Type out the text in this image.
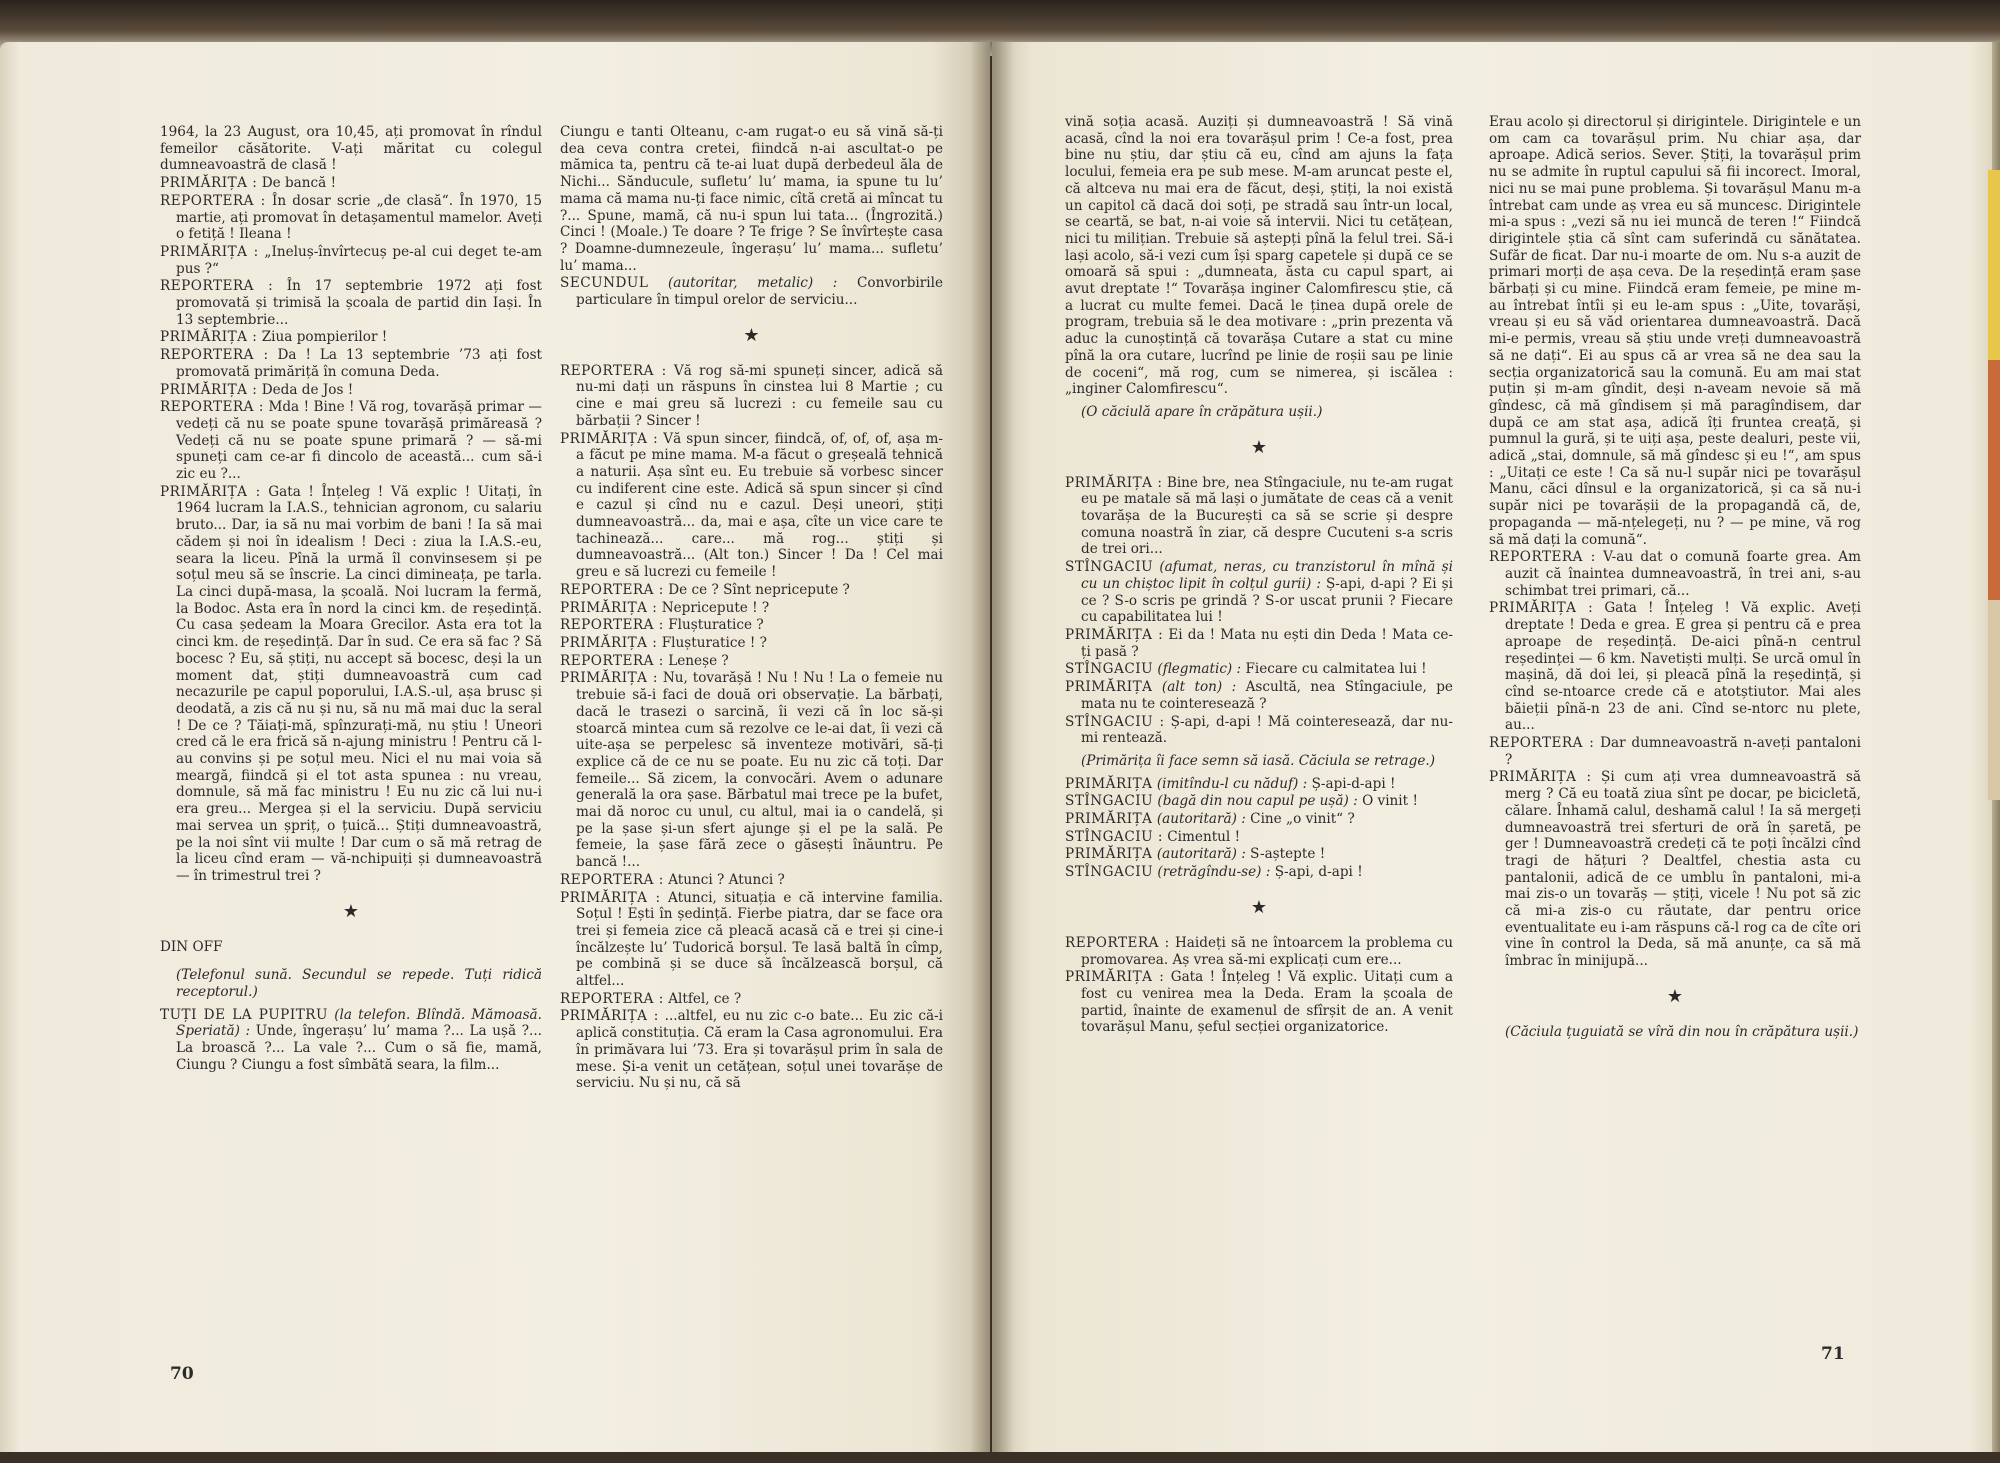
1964, la 23 August, ora 10,45, ați promovat în rîndul femeilor căsătorite. V-ați măritat cu colegul dumneavoastră de clasă !

PRIMĂRIȚA : De bancă !

REPORTERA : În dosar scrie „de clasă“. În 1970, 15 martie, ați promovat în detașamentul mamelor. Aveți o fetiță ! Ileana !

PRIMĂRIȚA : „Ineluș-învîrtecuș pe-al cui deget te-am pus ?“

REPORTERA : În 17 septembrie 1972 ați fost promovată și trimisă la școala de partid din Iași. În 13 septembrie...

PRIMĂRIȚA : Ziua pompierilor !

REPORTERA : Da ! La 13 septembrie ’73 ați fost promovată primăriță în comuna Deda.

PRIMĂRIȚA : Deda de Jos !

REPORTERA : Mda ! Bine ! Vă rog, tovarășă primar — vedeți că nu se poate spune tovarășă primăreasă ? Vedeți că nu se poate spune primară ? — să-mi spuneți cam ce-ar fi dincolo de această... cum să-i zic eu ?...

PRIMĂRIȚA : Gata ! Înțeleg ! Vă explic ! Uitați, în 1964 lucram la I.A.S., tehnician agronom, cu salariu bruto... Dar, ia să nu mai vorbim de bani ! Ia să mai cădem și noi în idealism ! Deci : ziua la I.A.S.-eu, seara la liceu. Pînă la urmă îl convinsesem și pe soțul meu să se înscrie. La cinci dimineața, pe tarla. La cinci după-masa, la școală. Noi lucram la fermă, la Bodoc. Asta era în nord la cinci km. de reședință. Cu casa ședeam la Moara Grecilor. Asta era tot la cinci km. de reședință. Dar în sud. Ce era să fac ? Să bocesc ? Eu, să știți, nu accept să bocesc, deși la un moment dat, știți dumneavoastră cum cad necazurile pe capul poporului, I.A.S.-ul, așa brusc și deodată, a zis că nu și nu, să nu mă mai duc la seral ! De ce ? Tăiați-mă, spînzurați-mă, nu știu ! Uneori cred că le era frică să n-ajung ministru ! Pentru că l-au convins și pe soțul meu. Nici el nu mai voia să meargă, fiindcă și el tot asta spunea : nu vreau, domnule, să mă fac ministru ! Eu nu zic că lui nu-i era greu... Mergea și el la serviciu. După serviciu mai servea un șpriț, o țuică... Știți dumneavoastră, pe la noi sînt vii multe ! Dar cum o să mă retrag de la liceu cînd eram — vă-nchipuiți și dumneavoastră — în trimestrul trei ?

★

DIN OFF

(Telefonul sună. Secundul se repede. Tuți ridică receptorul.)

TUȚI DE LA PUPITRU (la telefon. Blîndă. Mămoasă. Speriată) : Unde, îngerașu’ lu’ mama ?... La ușă ?... La broască ?... La vale ?... Cum o să fie, mamă, Ciungu ? Ciungu a fost sîmbătă seara, la film...

Ciungu e tanti Olteanu, c-am rugat-o eu să vină să-ți dea ceva contra cretei, fiindcă n-ai ascultat-o pe mămica ta, pentru că te-ai luat după derbedeul ăla de Nichi... Sănducule, sufletu’ lu’ mama, ia spune tu lu’ mama că mama nu-ți face nimic, cîtă cretă ai mîncat tu ?... Spune, mamă, că nu-i spun lui tata... (Îngrozită.) Cinci ! (Moale.) Te doare ? Te frige ? Se învîrtește casa ? Doamne-dumnezeule, îngerașu’ lu’ mama... sufletu’ lu’ mama...

SECUNDUL (autoritar, metalic) : Convorbirile particulare în timpul orelor de serviciu...

★

REPORTERA : Vă rog să-mi spuneți sincer, adică să nu-mi dați un răspuns în cinstea lui 8 Martie ; cu cine e mai greu să lucrezi : cu femeile sau cu bărbații ? Sincer !

PRIMĂRIȚA : Vă spun sincer, fiindcă, of, of, of, așa m-a făcut pe mine mama. M-a făcut o greșeală tehnică a naturii. Așa sînt eu. Eu trebuie să vorbesc sincer cu indiferent cine este. Adică să spun sincer și cînd e cazul și cînd nu e cazul. Deși uneori, știți dumneavoastră... da, mai e așa, cîte un vice care te tachinează... care... mă rog... știți și dumneavoastră... (Alt ton.) Sincer ! Da ! Cel mai greu e să lucrezi cu femeile !

REPORTERA : De ce ? Sînt nepricepute ?

PRIMĂRIȚA : Nepricepute ! ?

REPORTERA : Flușturatice ?

PRIMĂRIȚA : Flușturatice ! ?

REPORTERA : Leneșe ?

PRIMĂRIȚA : Nu, tovarășă ! Nu ! Nu ! La o femeie nu trebuie să-i faci de două ori observație. La bărbați, dacă le trasezi o sarcină, îi vezi că în loc să-și stoarcă mintea cum să rezolve ce le-ai dat, îi vezi că uite-așa se perpelesc să inventeze motivări, să-ți explice că de ce nu se poate. Eu nu zic că toți. Dar femeile... Să zicem, la convocări. Avem o adunare generală la ora șase. Bărbatul mai trece pe la bufet, mai dă noroc cu unul, cu altul, mai ia o candelă, și pe la șase și-un sfert ajunge și el pe la sală. Pe femeie, la șase fără zece o găsești înăuntru. Pe bancă !...

REPORTERA : Atunci ? Atunci ?

PRIMĂRIȚA : Atunci, situația e că intervine familia. Soțul ! Ești în ședință. Fierbe piatra, dar se face ora trei și femeia zice că pleacă acasă că e trei și cine-i încălzește lu’ Tudorică borșul. Te lasă baltă în cîmp, pe combină și se duce să încălzească borșul, că altfel...

REPORTERA : Altfel, ce ?

PRIMĂRIȚA : ...altfel, eu nu zic c-o bate... Eu zic că-i aplică constituția. Că eram la Casa agronomului. Era în primăvara lui ’73. Era și tovarășul prim în sala de mese. Și-a venit un cetățean, soțul unei tovarășe de serviciu. Nu și nu, că să

70

vină soția acasă. Auziți și dumneavoastră ! Să vină acasă, cînd la noi era tovarășul prim ! Ce-a fost, prea bine nu știu, dar știu că eu, cînd am ajuns la fața locului, femeia era pe sub mese. M-am aruncat peste el, că altceva nu mai era de făcut, deși, știți, la noi există un capitol că dacă doi soți, pe stradă sau într-un local, se ceartă, se bat, n-ai voie să intervii. Nici tu cetățean, nici tu milițian. Trebuie să aștepți pînă la felul trei. Să-i lași acolo, să-i vezi cum își sparg capetele și după ce se omoară să spui : „dumneata, ăsta cu capul spart, ai avut dreptate !“ Tovarășa inginer Calomfirescu știe, că a lucrat cu multe femei. Dacă le ținea după orele de program, trebuia să le dea motivare : „prin prezenta vă aduc la cunoștință că tovarășa Cutare a stat cu mine pînă la ora cutare, lucrînd pe linie de roșii sau pe linie de coceni“, mă rog, cum se nimerea, și iscălea : „inginer Calomfirescu“.

(O căciulă apare în crăpătura ușii.)

★

PRIMĂRIȚA : Bine bre, nea Stîngaciule, nu te-am rugat eu pe matale să mă lași o jumătate de ceas că a venit tovarășa de la București ca să se scrie și despre comuna noastră în ziar, că despre Cucuteni s-a scris de trei ori...

STÎNGACIU (afumat, neras, cu tranzistorul în mînă și cu un chiștoc lipit în colțul gurii) : Ș-api, d-api ? Ei și ce ? S-o scris pe grindă ? S-or uscat prunii ? Fiecare cu capabilitatea lui !

PRIMĂRIȚA : Ei da ! Mata nu ești din Deda ! Mata ce-ți pasă ?

STÎNGACIU (flegmatic) : Fiecare cu calmitatea lui !

PRIMĂRIȚA (alt ton) : Ascultă, nea Stîngaciule, pe mata nu te cointeresează ?

STÎNGACIU : Ș-api, d-api ! Mă cointeresează, dar nu-mi rentează.

(Primărița îi face semn să iasă. Căciula se retrage.)

PRIMĂRIȚA (imitîndu-l cu năduf) : Ș-api-d-api !

STÎNGACIU (bagă din nou capul pe ușă) : O vinit !

PRIMĂRIȚA (autoritară) : Cine „o vinit“ ?

STÎNGACIU : Cimentul !

PRIMĂRIȚA (autoritară) : S-aștepte !

STÎNGACIU (retrăgîndu-se) : Ș-api, d-api !

★

REPORTERA : Haideți să ne întoarcem la problema cu promovarea. Aș vrea să-mi explicați cum ere...

PRIMĂRIȚA : Gata ! Înțeleg ! Vă explic. Uitați cum a fost cu venirea mea la Deda. Eram la școala de partid, înainte de examenul de sfîrșit de an. A venit tovarășul Manu, șeful secției organizatorice.

Erau acolo și directorul și dirigintele. Dirigintele e un om cam ca tovarășul prim. Nu chiar așa, dar aproape. Adică serios. Sever. Știți, la tovarășul prim nu se admite în ruptul capului să fii incorect. Imoral, nici nu se mai pune problema. Și tovarășul Manu m-a întrebat cam unde aș vrea eu să muncesc. Dirigintele mi-a spus : „vezi să nu iei muncă de teren !“ Fiindcă dirigintele știa că sînt cam suferindă cu sănătatea. Sufăr de ficat. Dar nu-i moarte de om. Nu s-a auzit de primari morți de așa ceva. De la reședință eram șase bărbați și cu mine. Fiindcă eram femeie, pe mine m-au întrebat întîi și eu le-am spus : „Uite, tovarăși, vreau și eu să văd orientarea dumneavoastră. Dacă mi-e permis, vreau să știu unde vreți dumneavoastră să ne dați“. Ei au spus că ar vrea să ne dea sau la secția organizatorică sau la comună. Eu am mai stat puțin și m-am gîndit, deși n-aveam nevoie să mă gîndesc, că mă gîndisem și mă paragîndisem, dar după ce am stat așa, adică îți fruntea creață, și pumnul la gură, și te uiți așa, peste dealuri, peste vii, adică „stai, domnule, să mă gîndesc și eu !“, am spus : „Uitați ce este ! Ca să nu-l supăr nici pe tovarășul Manu, căci dînsul e la organizatorică, și ca să nu-i supăr nici pe tovarășii de la propagandă că, de, propaganda — mă-nțelegeți, nu ? — pe mine, vă rog să mă dați la comună“.

REPORTERA : V-au dat o comună foarte grea. Am auzit că înaintea dumneavoastră, în trei ani, s-au schimbat trei primari, că...

PRIMĂRIȚA : Gata ! Înțeleg ! Vă explic. Aveți dreptate ! Deda e grea. E grea și pentru că e prea aproape de reședință. De-aici pînă-n centrul reședinței — 6 km. Navetiști mulți. Se urcă omul în mașină, dă doi lei, și pleacă pînă la reședință, și cînd se-ntoarce crede că e atotștiutor. Mai ales băieții pînă-n 23 de ani. Cînd se-ntorc nu plete, au...

REPORTERA : Dar dumneavoastră n-aveți pantaloni ?

PRIMĂRIȚA : Și cum ați vrea dumneavoastră să merg ? Că eu toată ziua sînt pe docar, pe bicicletă, călare. Înhamă calul, deshamă calul ! Ia să mergeți dumneavoastră trei sferturi de oră în șaretă, pe ger ! Dumneavoastră credeți că te poți încălzi cînd tragi de hățuri ? Dealtfel, chestia asta cu pantalonii, adică de ce umblu în pantaloni, mi-a mai zis-o un tovarăș — știți, vicele ! Nu pot să zic că mi-a zis-o cu răutate, dar pentru orice eventualitate eu i-am răspuns că-l rog ca de cîte ori vine în control la Deda, să mă anunțe, ca să mă îmbrac în minijupă...

★

(Căciula țuguiată se vîră din nou în crăpătura ușii.)

71
